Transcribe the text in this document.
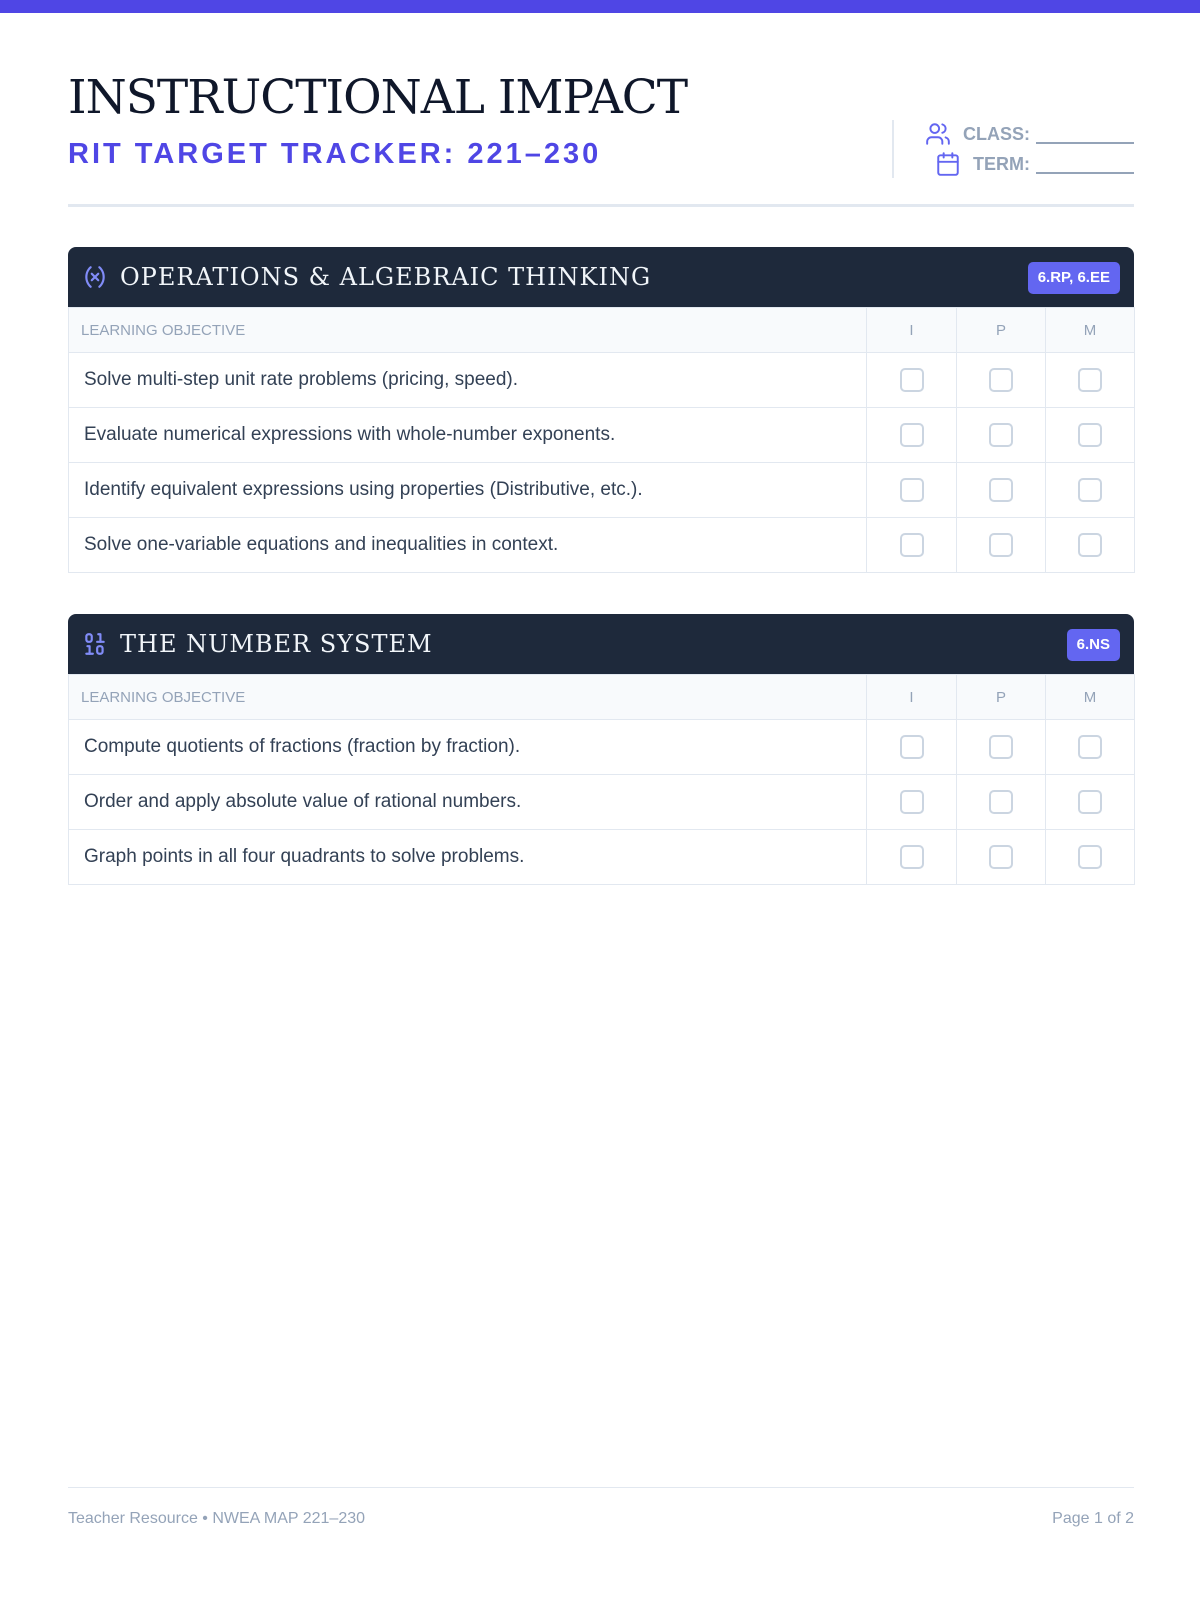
INSTRUCTIONAL IMPACT
RIT TARGET TRACKER: 221–230
CLASS:
TERM:
OPERATIONS & ALGEBRAIC THINKING	6.RP, 6.EE
LEARNING OBJECTIVE	I	P	M
Solve multi-step unit rate problems (pricing, speed).			
Evaluate numerical expressions with whole-number exponents.			
Identify equivalent expressions using properties (Distributive, etc.).			
Solve one-variable equations and inequalities in context.			
THE NUMBER SYSTEM	6.NS
LEARNING OBJECTIVE	I	P	M
Compute quotients of fractions (fraction by fraction).			
Order and apply absolute value of rational numbers.			
Graph points in all four quadrants to solve problems.			
Teacher Resource • NWEA MAP 221–230	Page 1 of 2
